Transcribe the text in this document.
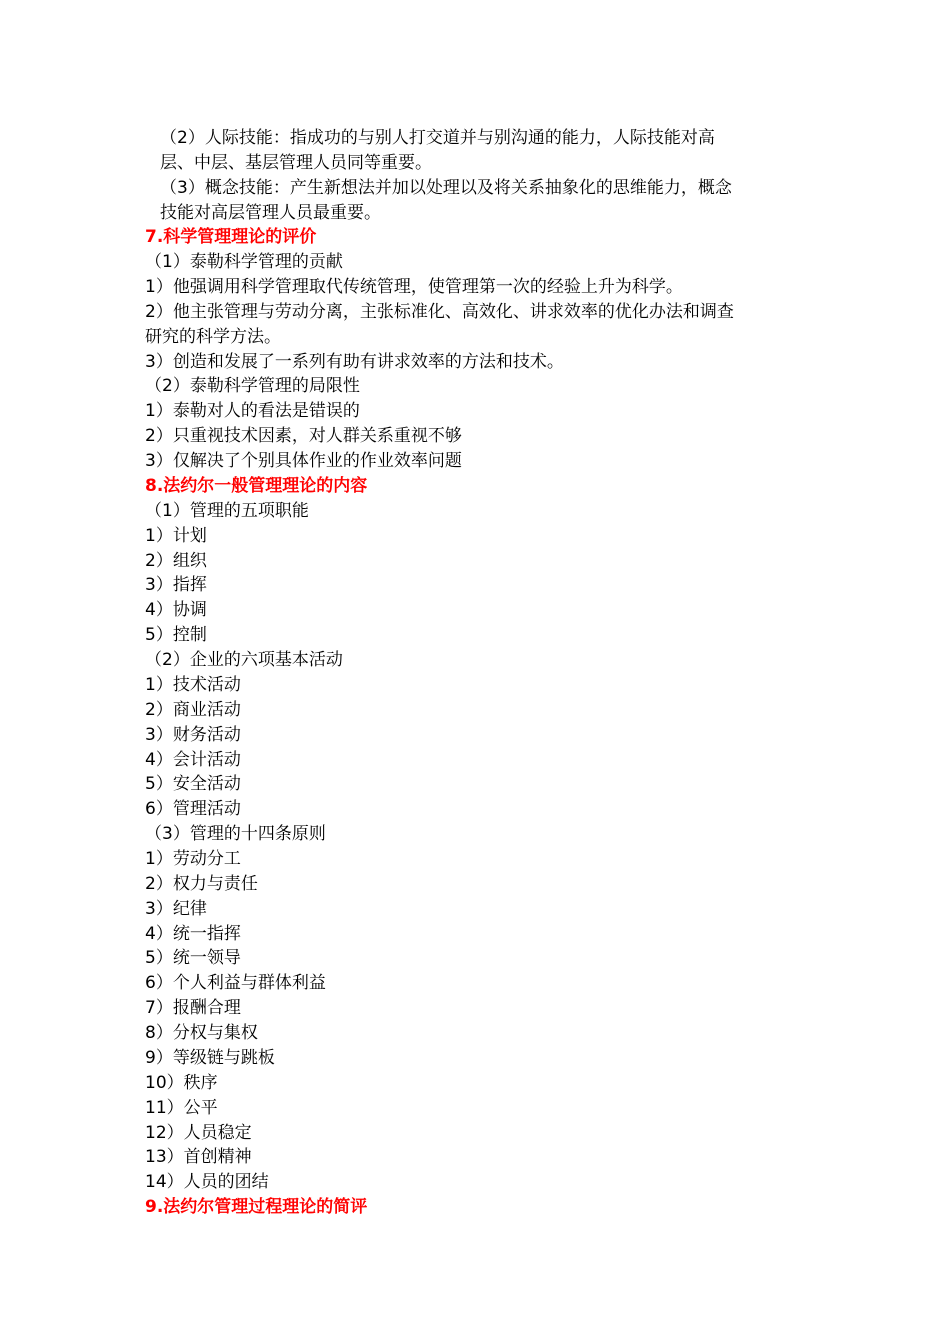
（2）人际技能：指成功的与别人打交道并与别沟通的能力，人际技能对高
层、中层、基层管理人员同等重要。
（3）概念技能：产生新想法并加以处理以及将关系抽象化的思维能力，概念
技能对高层管理人员最重要。
7.科学管理理论的评价
（1）泰勒科学管理的贡献
1）他强调用科学管理取代传统管理，使管理第一次的经验上升为科学。
2）他主张管理与劳动分离，主张标准化、高效化、讲求效率的优化办法和调查
研究的科学方法。
3）创造和发展了一系列有助有讲求效率的方法和技术。
（2）泰勒科学管理的局限性
1）泰勒对人的看法是错误的
2）只重视技术因素，对人群关系重视不够
3）仅解决了个别具体作业的作业效率问题
8.法约尔一般管理理论的内容
（1）管理的五项职能
1）计划
2）组织
3）指挥
4）协调
5）控制
（2）企业的六项基本活动
1）技术活动
2）商业活动
3）财务活动
4）会计活动
5）安全活动
6）管理活动
（3）管理的十四条原则
1）劳动分工
2）权力与责任
3）纪律
4）统一指挥
5）统一领导
6）个人利益与群体利益
7）报酬合理
8）分权与集权
9）等级链与跳板
10）秩序
11）公平
12）人员稳定
13）首创精神
14）人员的团结
9.法约尔管理过程理论的简评
